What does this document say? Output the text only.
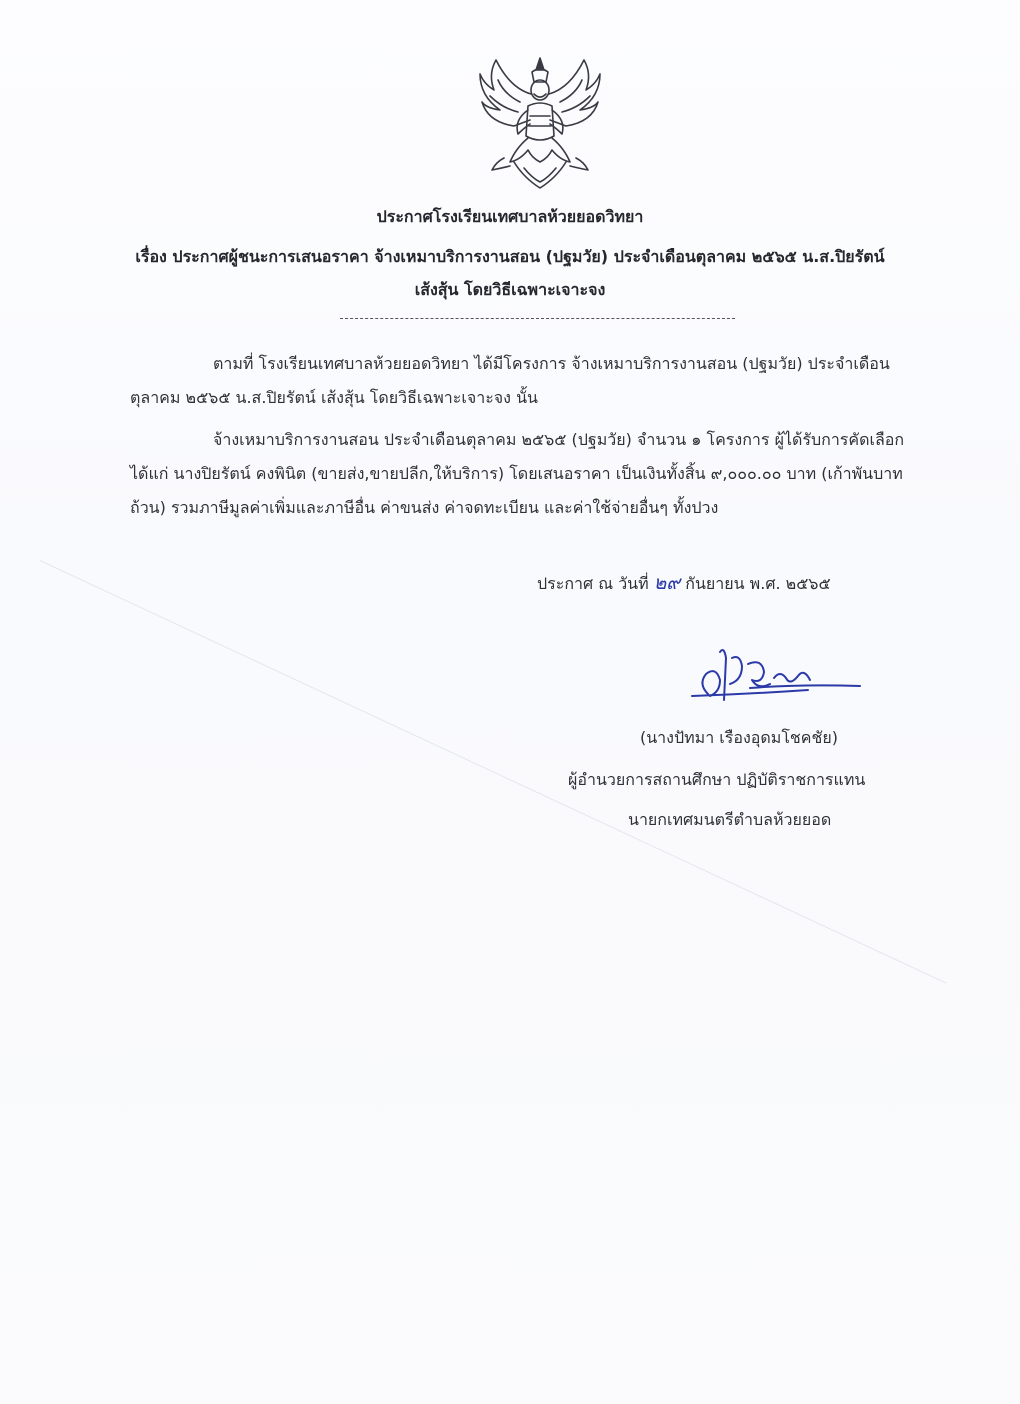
ประกาศโรงเรียนเทศบาลห้วยยอดวิทยา
เรื่อง ประกาศผู้ชนะการเสนอราคา จ้างเหมาบริการงานสอน (ปฐมวัย) ประจำเดือนตุลาคม ๒๕๖๕ น.ส.ปิยรัตน์
เส้งสุ้น โดยวิธีเฉพาะเจาะจง
ตามที่ โรงเรียนเทศบาลห้วยยอดวิทยา ได้มีโครงการ จ้างเหมาบริการงานสอน (ปฐมวัย) ประจำเดือน
ตุลาคม ๒๕๖๕ น.ส.ปิยรัตน์ เส้งสุ้น โดยวิธีเฉพาะเจาะจง นั้น
จ้างเหมาบริการงานสอน ประจำเดือนตุลาคม ๒๕๖๕ (ปฐมวัย) จำนวน ๑ โครงการ ผู้ได้รับการคัดเลือก
ได้แก่ นางปิยรัตน์ คงพินิต (ขายส่ง,ขายปลีก,ให้บริการ) โดยเสนอราคา เป็นเงินทั้งสิ้น ๙,๐๐๐.๐๐ บาท (เก้าพันบาท
ถ้วน) รวมภาษีมูลค่าเพิ่มและภาษีอื่น ค่าขนส่ง ค่าจดทะเบียน และค่าใช้จ่ายอื่นๆ ทั้งปวง
ประกาศ ณ วันที่ ๒๙ กันยายน พ.ศ. ๒๕๖๕
(นางปัทมา เรืองอุดมโชคชัย)
ผู้อำนวยการสถานศึกษา ปฏิบัติราชการแทน
นายกเทศมนตรีตำบลห้วยยอด
